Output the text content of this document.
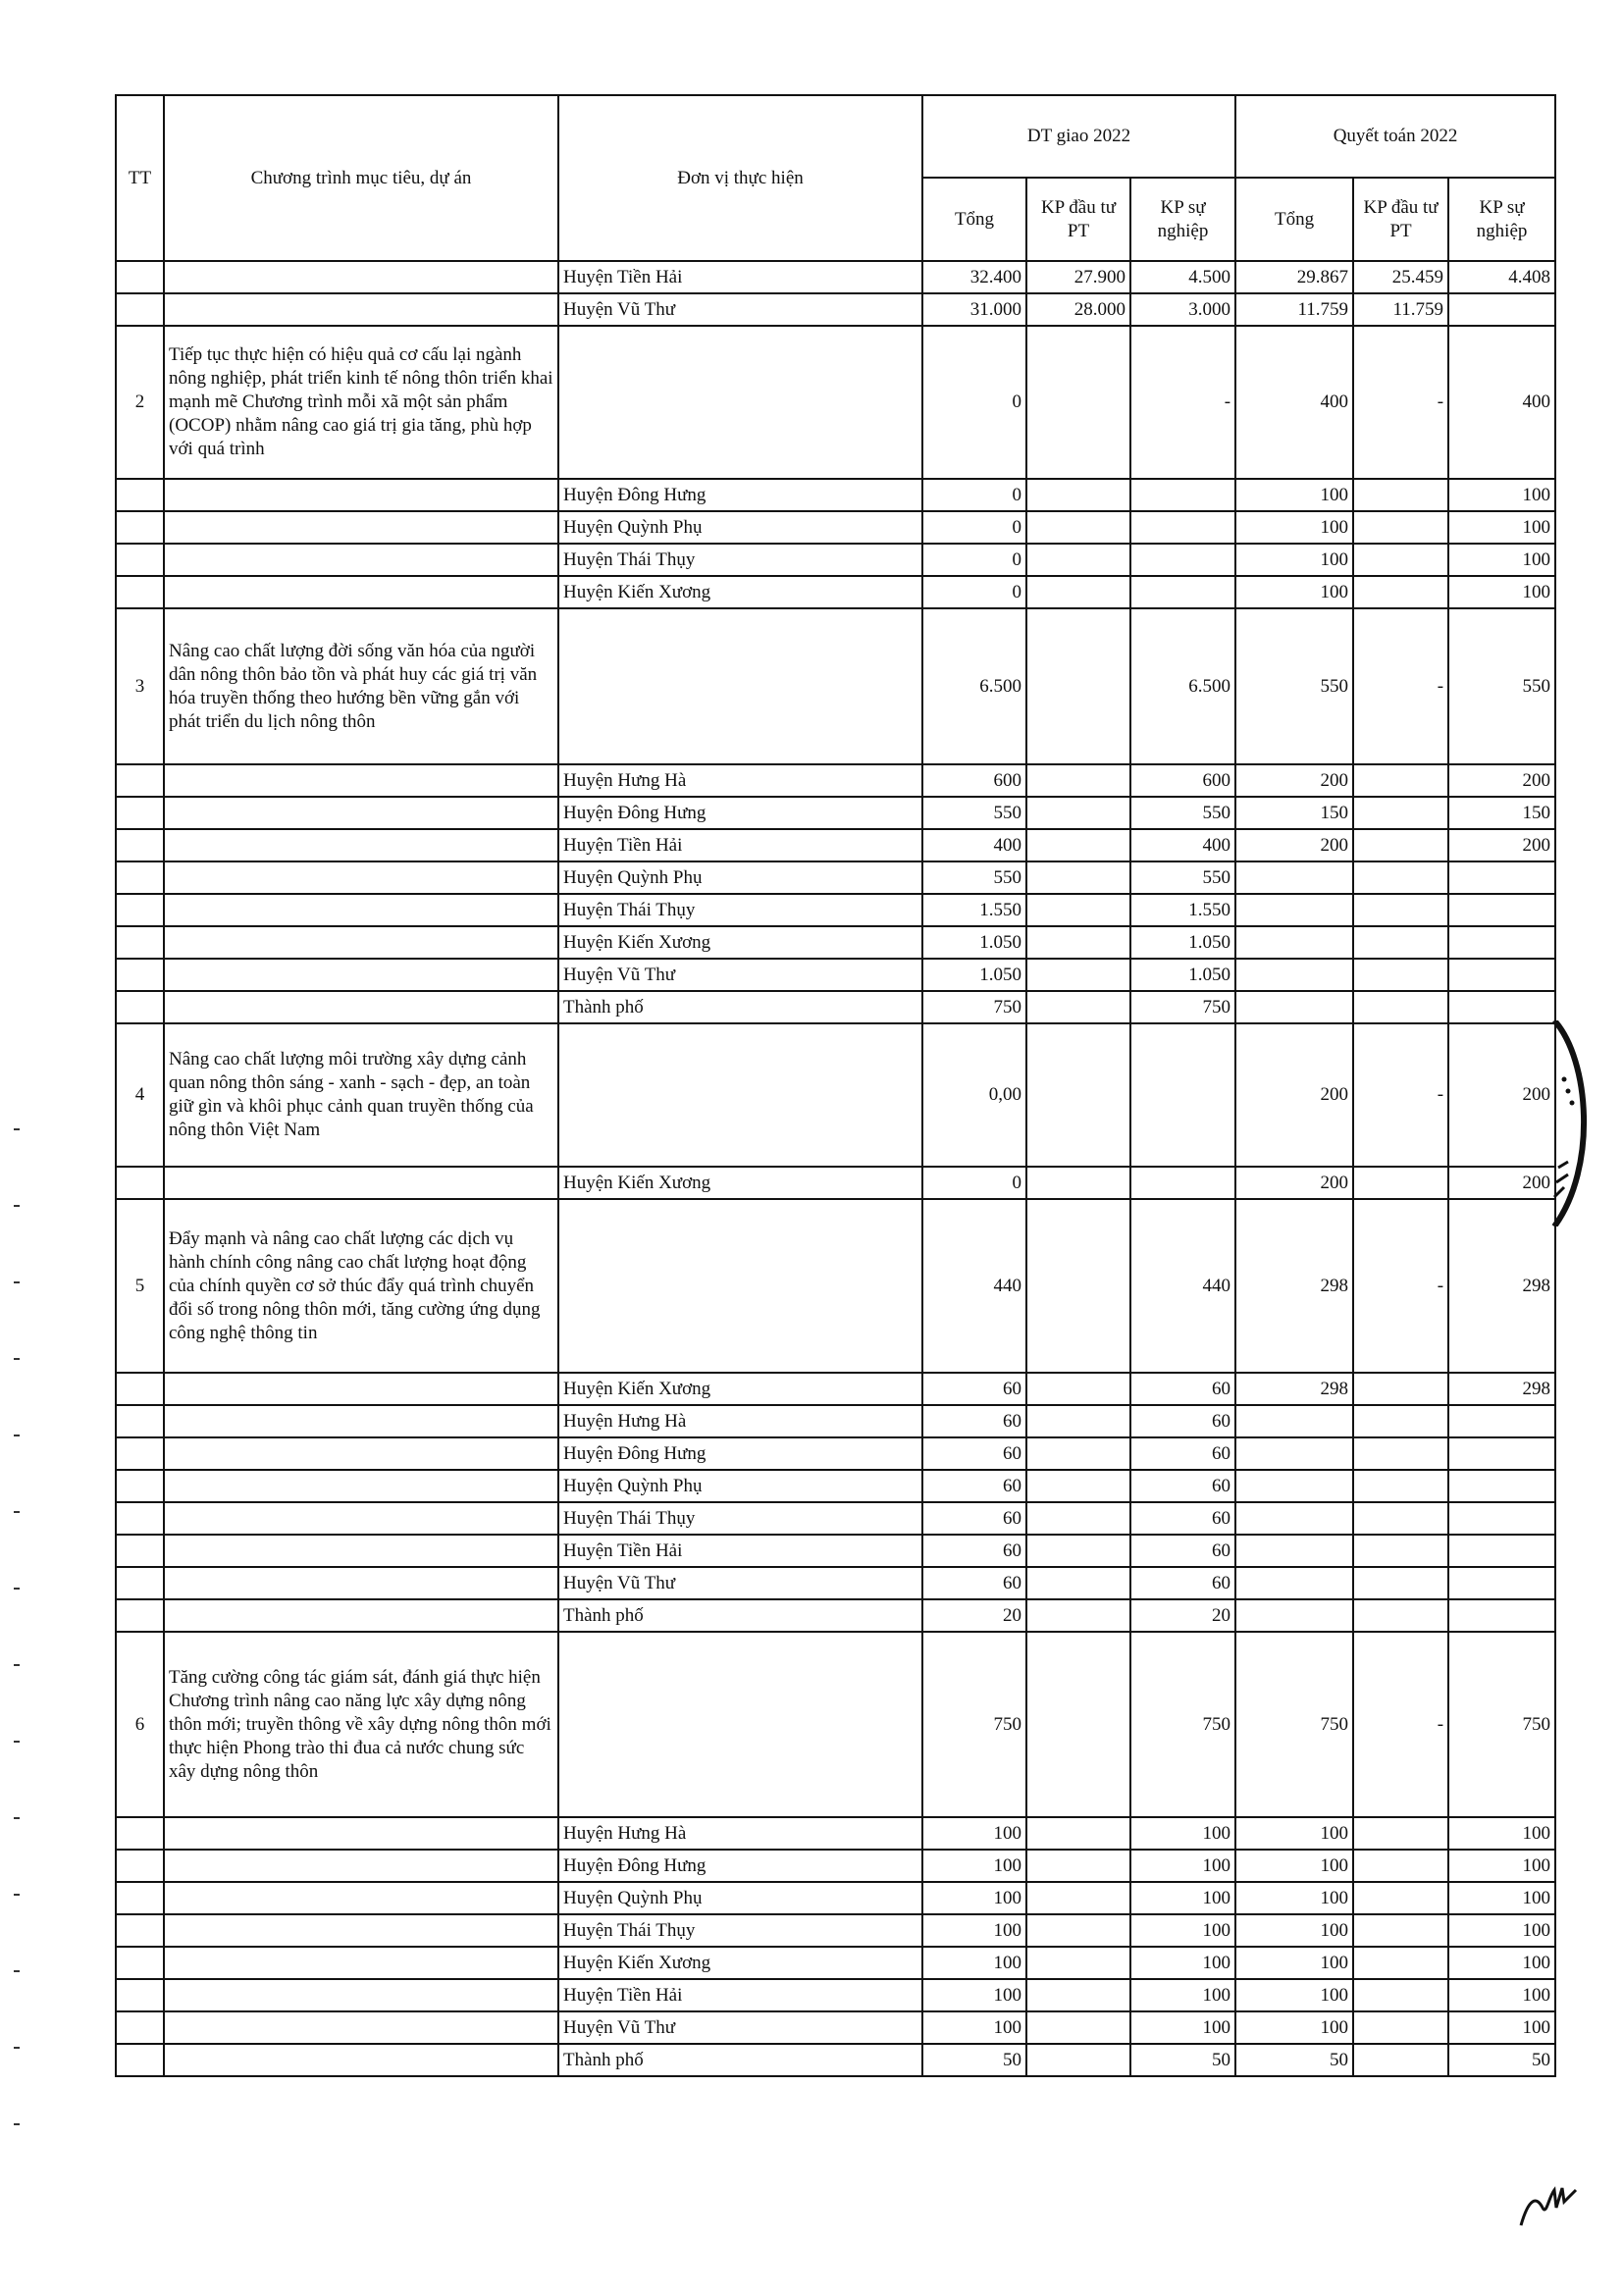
TT	Chương trình mục tiêu, dự án	Đơn vị thực hiện	DT giao 2022			Quyết toán 2022		
			Tổng	KP đầu tư PT	KP sự nghiệp	Tổng	KP đầu tư PT	KP sự nghiệp
		Huyện Tiền Hải	32.400	27.900	4.500	29.867	25.459	4.408
		Huyện Vũ Thư	31.000	28.000	3.000	11.759	11.759	
2	Tiếp tục thực hiện có hiệu quả cơ cấu lại ngành nông nghiệp, phát triển kinh tế nông thôn triển khai mạnh mẽ Chương trình mỗi xã một sản phẩm (OCOP) nhằm nâng cao giá trị gia tăng, phù hợp với quá trình		0		-	400	-	400
		Huyện Đông Hưng	0			100		100
		Huyện Quỳnh Phụ	0			100		100
		Huyện Thái Thụy	0			100		100
		Huyện Kiến Xương	0			100		100
3	Nâng cao chất lượng đời sống văn hóa của người dân nông thôn bảo tồn và phát huy các giá trị văn hóa truyền thống theo hướng bền vững gắn với phát triển du lịch nông thôn		6.500		6.500	550	-	550
		Huyện Hưng Hà	600		600	200		200
		Huyện Đông Hưng	550		550	150		150
		Huyện Tiền Hải	400		400	200		200
		Huyện Quỳnh Phụ	550		550			
		Huyện Thái Thụy	1.550		1.550			
		Huyện Kiến Xương	1.050		1.050			
		Huyện Vũ Thư	1.050		1.050			
		Thành phố	750		750			
4	Nâng cao chất lượng môi trường xây dựng cảnh quan nông thôn sáng - xanh - sạch - đẹp, an toàn giữ gìn và khôi phục cảnh quan truyền thống của nông thôn Việt Nam		0,00			200	-	200
		Huyện Kiến Xương	0			200		200
5	Đẩy mạnh và nâng cao chất lượng các dịch vụ hành chính công nâng cao chất lượng hoạt động của chính quyền cơ sở thúc đẩy quá trình chuyển đổi số trong nông thôn mới, tăng cường ứng dụng công nghệ thông tin		440		440	298	-	298
		Huyện Kiến Xương	60		60	298		298
		Huyện Hưng Hà	60		60			
		Huyện Đông Hưng	60		60			
		Huyện Quỳnh Phụ	60		60			
		Huyện Thái Thụy	60		60			
		Huyện Tiền Hải	60		60			
		Huyện Vũ Thư	60		60			
		Thành phố	20		20			
6	Tăng cường công tác giám sát, đánh giá thực hiện Chương trình nâng cao năng lực xây dựng nông thôn mới; truyền thông về xây dựng nông thôn mới thực hiện Phong trào thi đua cả nước chung sức xây dựng nông thôn		750		750	750	-	750
		Huyện Hưng Hà	100		100	100		100
		Huyện Đông Hưng	100		100	100		100
		Huyện Quỳnh Phụ	100		100	100		100
		Huyện Thái Thụy	100		100	100		100
		Huyện Kiến Xương	100		100	100		100
		Huyện Tiền Hải	100		100	100		100
		Huyện Vũ Thư	100		100	100		100
		Thành phố	50		50	50		50
